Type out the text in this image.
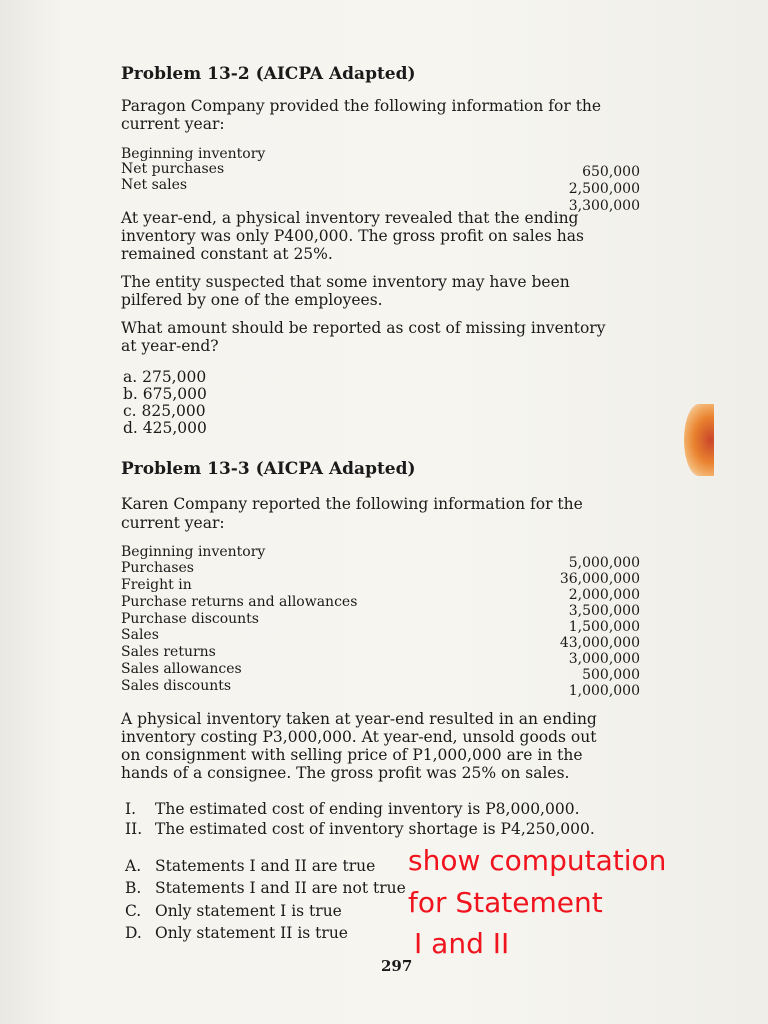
Problem 13-2 (AICPA Adapted)
Paragon Company provided the following information for the
current year:
Beginning inventory
Net purchases
Net sales
650,000
2,500,000
3,300,000
At year-end, a physical inventory revealed that the ending
inventory was only P400,000. The gross profit on sales has
remained constant at 25%.
The entity suspected that some inventory may have been
pilfered by one of the employees.
What amount should be reported as cost of missing inventory
at year-end?
a. 275,000
b. 675,000
c. 825,000
d. 425,000
Problem 13-3 (AICPA Adapted)
Karen Company reported the following information for the
current year:
Beginning inventory
Purchases
Freight in
Purchase returns and allowances
Purchase discounts
Sales
Sales returns
Sales allowances
Sales discounts
5,000,000
36,000,000
2,000,000
3,500,000
1,500,000
43,000,000
3,000,000
500,000
1,000,000
A physical inventory taken at year-end resulted in an ending
inventory costing P3,000,000. At year-end, unsold goods out
on consignment with selling price of P1,000,000 are in the
hands of a consignee. The gross profit was 25% on sales.
I. The estimated cost of ending inventory is P8,000,000.
II. The estimated cost of inventory shortage is P4,250,000.
A. Statements I and II are true
B. Statements I and II are not true
C. Only statement I is true
D. Only statement II is true
297
show computation
for Statement
I and II
